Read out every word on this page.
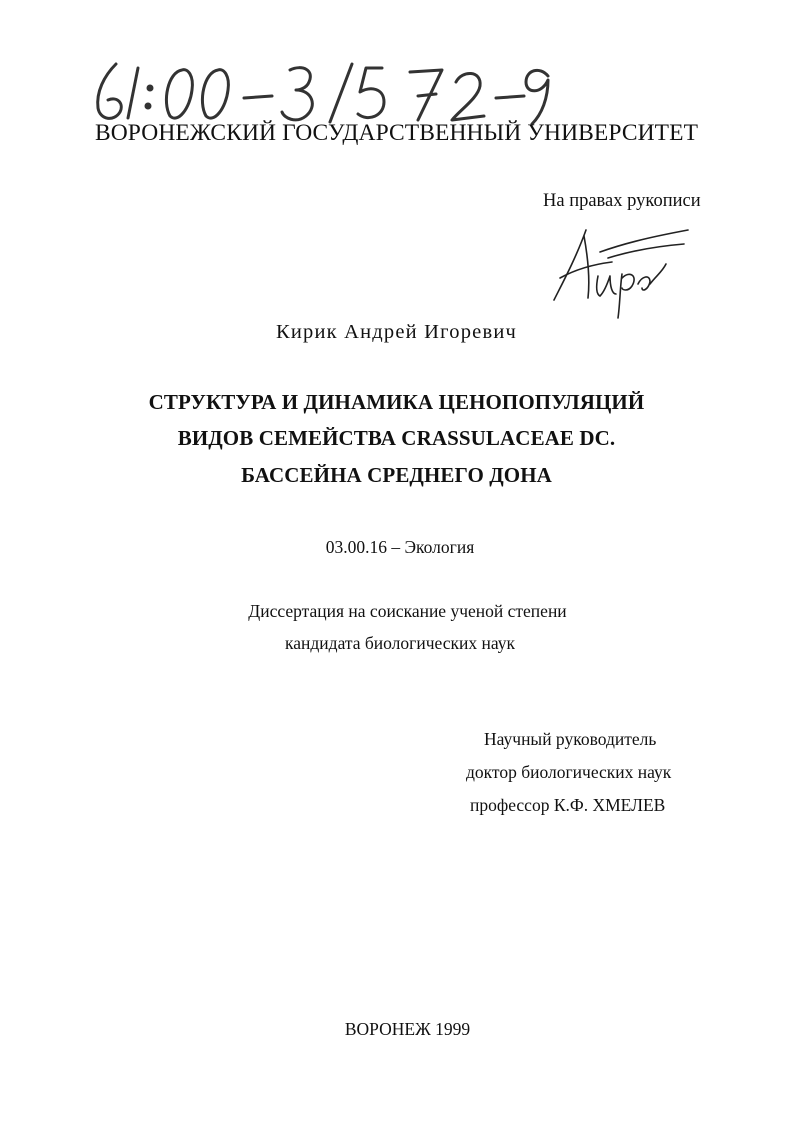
ВОРОНЕЖСКИЙ ГОСУДАРСТВЕННЫЙ УНИВЕРСИТЕТ
На правах рукописи
Кирик Андрей Игоревич
СТРУКТУРА И ДИНАМИКА ЦЕНОПОПУЛЯЦИЙ
ВИДОВ СЕМЕЙСТВА CRASSULACEAE DC.
БАССЕЙНА СРЕДНЕГО ДОНА
03.00.16 – Экология
Диссертация на соискание ученой степени
кандидата биологических наук
Научный руководитель
доктор биологических наук
профессор К.Ф. ХМЕЛЕВ
ВОРОНЕЖ 1999
